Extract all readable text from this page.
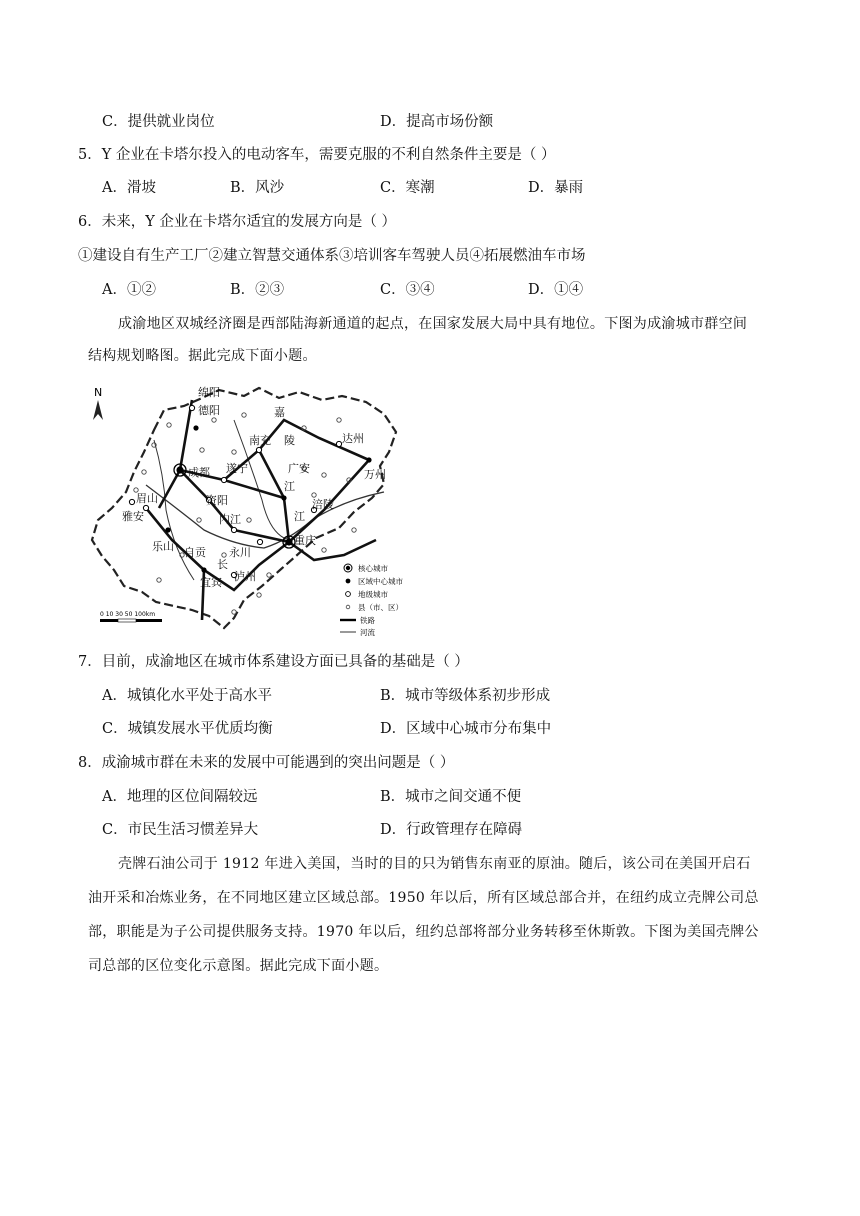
C．提供就业岗位	D．提高市场份额
5．Y 企业在卡塔尔投入的电动客车，需要克服的不利自然条件主要是（ ）
A．滑坡	B．风沙	C．寒潮	D．暴雨
6．未来，Y 企业在卡塔尔适宜的发展方向是（ ）
①建设自有生产工厂②建立智慧交通体系③培训客车驾驶人员④拓展燃油车市场
A．①②	B．②③	C．③④	D．①④
成渝地区双城经济圈是西部陆海新通道的起点，在国家发展大局中具有地位。下图为成渝城市群空间
结构规划略图。据此完成下面小题。
N	绵阳
德阳
成都
嘉
南充 陵	达州
万州
遂宁	广安
江
眉山	资阳
雅安	内江
涪陵
江
乐山 自贡 永川
重庆
长
宜宾 泸州
0 10 30 50 100km
核心城市
区域中心城市
地级城市
县（市、区）
铁路
河流
7．目前，成渝地区在城市体系建设方面已具备的基础是（ ）
A．城镇化水平处于高水平	B．城市等级体系初步形成
C．城镇发展水平优质均衡	D．区域中心城市分布集中
8．成渝城市群在未来的发展中可能遇到的突出问题是（ ）
A．地理的区位间隔较远	B．城市之间交通不便
C．市民生活习惯差异大	D．行政管理存在障碍
壳牌石油公司于 1912 年进入美国，当时的目的只为销售东南亚的原油。随后，该公司在美国开启石
油开采和冶炼业务，在不同地区建立区域总部。1950 年以后，所有区域总部合并，在纽约成立壳牌公司总
部，职能是为子公司提供服务支持。1970 年以后，纽约总部将部分业务转移至休斯敦。下图为美国壳牌公
司总部的区位变化示意图。据此完成下面小题。
